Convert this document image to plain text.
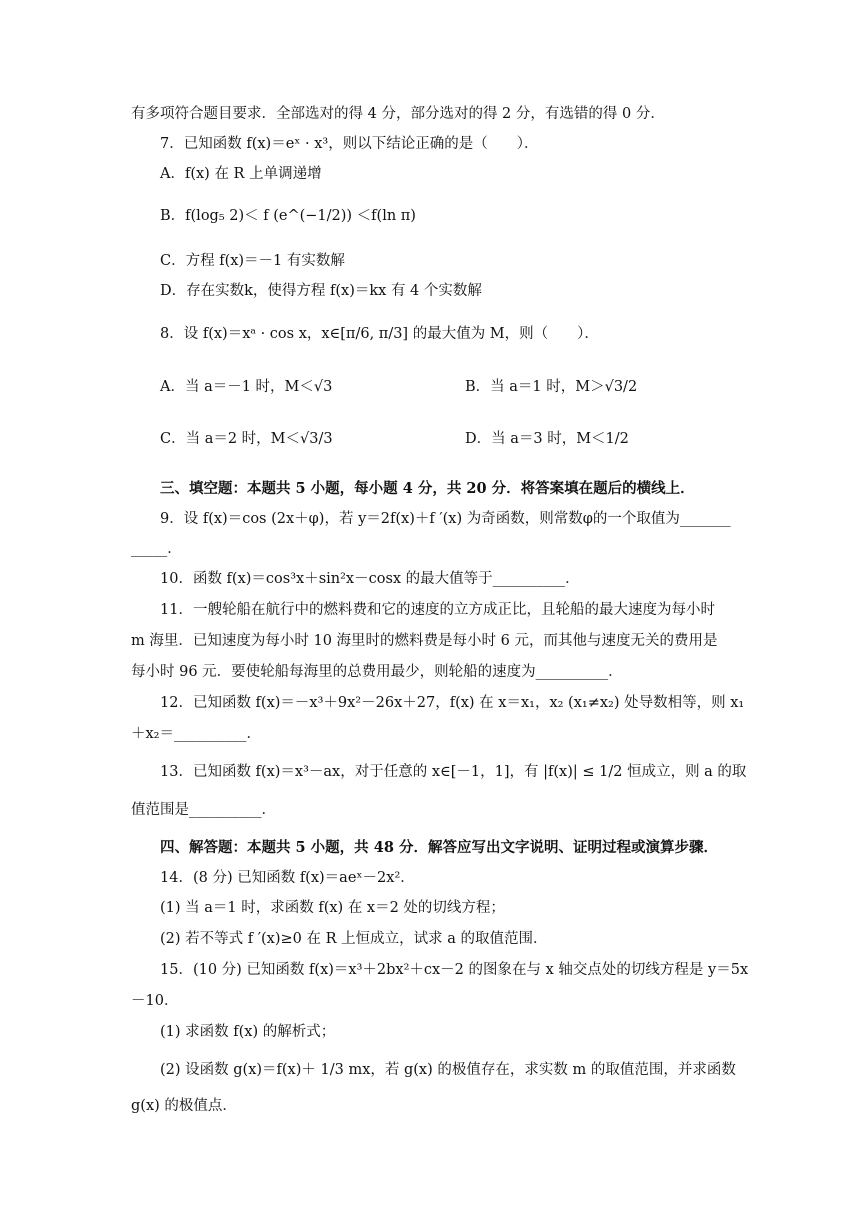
有多项符合题目要求．全部选对的得 4 分，部分选对的得 2 分，有选错的得 0 分．
7．已知函数 f(x)＝eˣ · x³，则以下结论正确的是（　　）．
A．f(x) 在 R 上单调递增
B．f(log₅ 2)＜ f (e^(−1/2)) ＜f(ln π)
C．方程 f(x)＝－1 有实数解
D．存在实数k，使得方程 f(x)＝kx 有 4 个实数解
8．设 f(x)＝xᵃ · cos x，x∈[π/6, π/3] 的最大值为 M，则（　　）．
A．当 a＝－1 时，M＜√3	B．当 a＝1 时，M＞√3/2
C．当 a＝2 时，M＜√3/3	D．当 a＝3 时，M＜1/2
三、填空题：本题共 5 小题，每小题 4 分，共 20 分．将答案填在题后的横线上．
9．设 f(x)＝cos (2x＋φ)，若 y＝2f(x)＋f ′(x) 为奇函数，则常数φ的一个取值为_______
_____．
10．函数 f(x)＝cos³x＋sin²x－cosx 的最大值等于__________．
11．一艘轮船在航行中的燃料费和它的速度的立方成正比，且轮船的最大速度为每小时
m 海里．已知速度为每小时 10 海里时的燃料费是每小时 6 元，而其他与速度无关的费用是
每小时 96 元．要使轮船每海里的总费用最少，则轮船的速度为__________．
12．已知函数 f(x)＝－x³＋9x²－26x＋27，f(x) 在 x＝x₁，x₂ (x₁≠x₂) 处导数相等，则 x₁
＋x₂＝__________．
13．已知函数 f(x)＝x³－ax，对于任意的 x∈[－1，1]，有 |f(x)| ≤ 1/2 恒成立，则 a 的取
值范围是__________．
四、解答题：本题共 5 小题，共 48 分．解答应写出文字说明、证明过程或演算步骤．
14．(8 分) 已知函数 f(x)＝aeˣ－2x²．
(1) 当 a＝1 时，求函数 f(x) 在 x＝2 处的切线方程；
(2) 若不等式 f ′(x)≥0 在 R 上恒成立，试求 a 的取值范围．
15．(10 分) 已知函数 f(x)＝x³＋2bx²＋cx－2 的图象在与 x 轴交点处的切线方程是 y＝5x
－10．
(1) 求函数 f(x) 的解析式；
(2) 设函数 g(x)＝f(x)＋ 1/3 mx，若 g(x) 的极值存在，求实数 m 的取值范围，并求函数
g(x) 的极值点．
